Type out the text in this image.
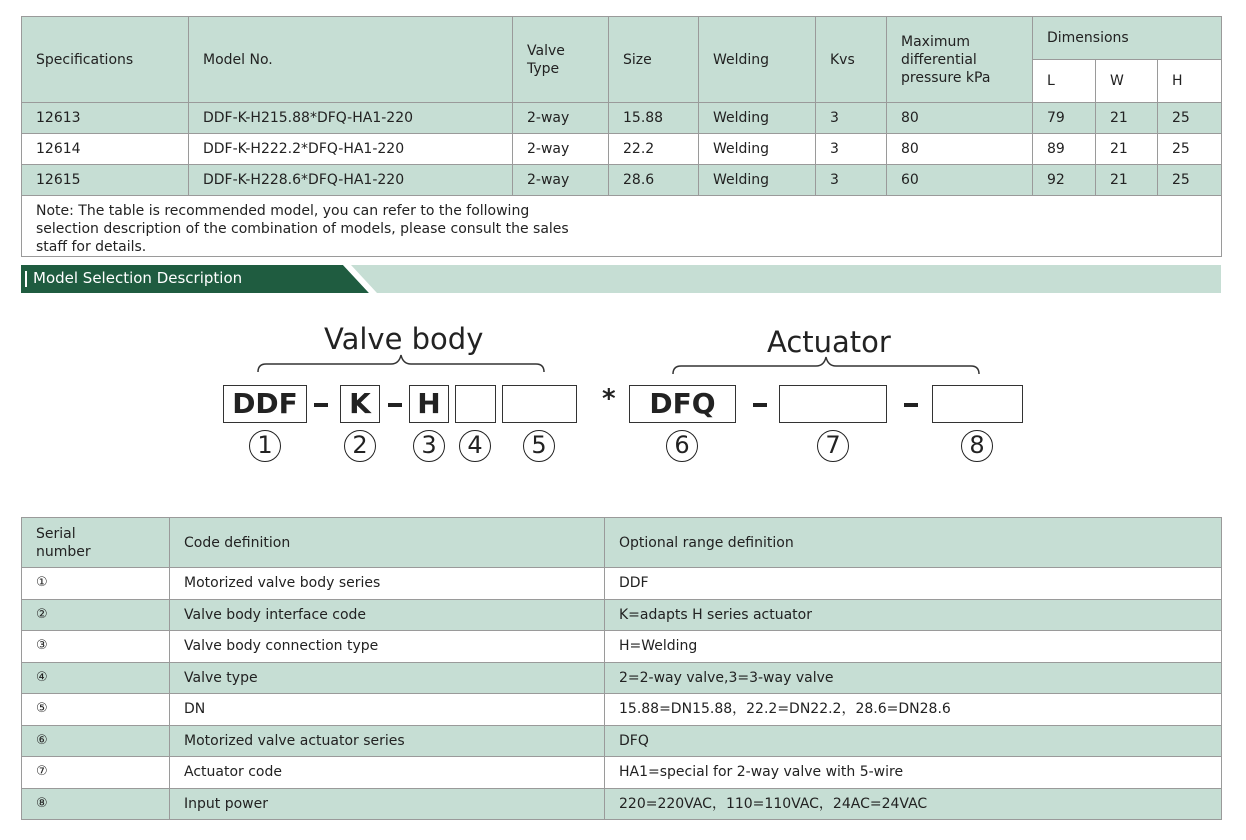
Specifications	Model No.	Valve Type	Size	Welding	Kvs	Maximum differential pressure kPa	Dimensions		
							L	W	H
12613	DDF-K-H215.88*DFQ-HA1-220	2-way	15.88	Welding	3	80	79	21	25
12614	DDF-K-H222.2*DFQ-HA1-220	2-way	22.2	Welding	3	80	89	21	25
12615	DDF-K-H228.6*DFQ-HA1-220	2-way	28.6	Welding	3	60	92	21	25

Note: The table is recommended model, you can refer to the following selection description of the combination of models, please consult the sales staff for details.									
Model Selection Description
Valve body	Actuator
DDF	K	H	*	DFQ
1	2	3	4	5	6	7	8
Serial number	Code definition	Optional range definition
①	Motorized valve body series	DDF
②	Valve body interface code	K=adapts H series actuator
③	Valve body connection type	H=Welding
④	Valve type	2=2-way valve,3=3-way valve
⑤	DN	15.88=DN15.88，22.2=DN22.2，28.6=DN28.6
⑥	Motorized valve actuator series	DFQ
⑦	Actuator code	HA1=special for 2-way valve with 5-wire
⑧	Input power	220=220VAC，110=110VAC，24AC=24VAC
